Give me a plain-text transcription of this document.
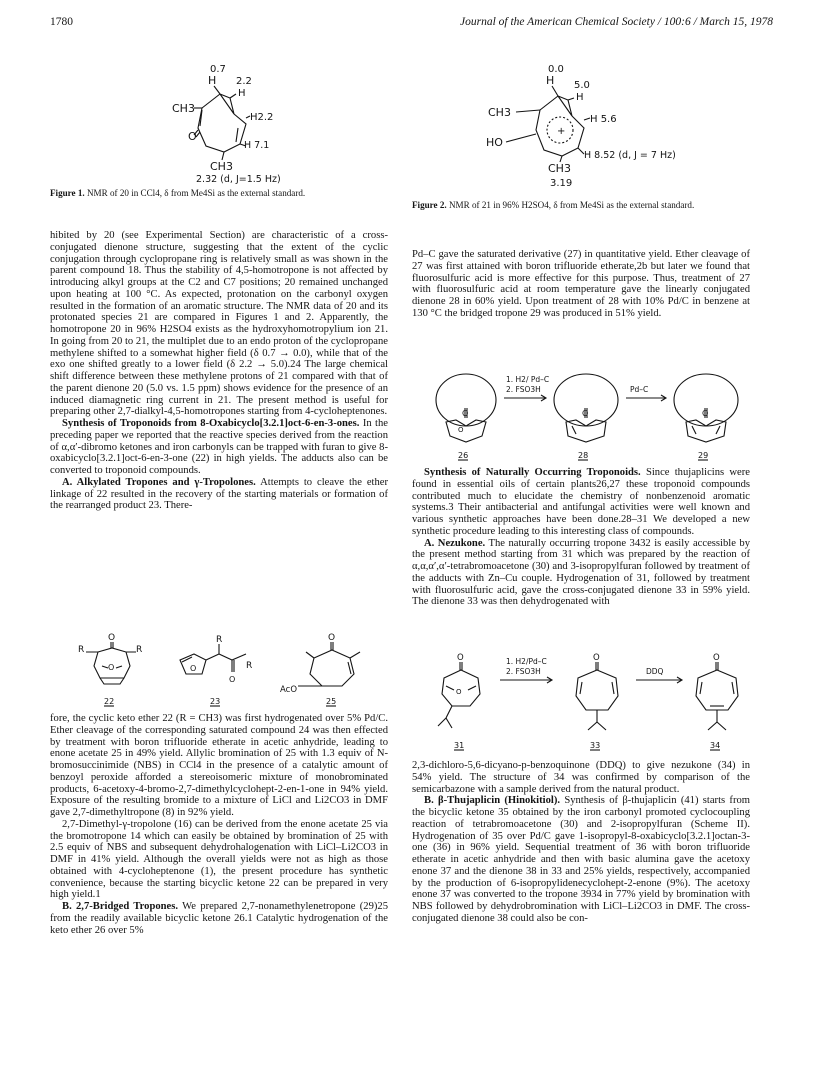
1780	Journal of the American Chemical Society / 100:6 / March 15, 1978
0.7
H 2.2
H
CH3
H2.2
O
H 7.1
CH3
2.32 (d, J=1.5 Hz)
Figure 1. NMR of 20 in CCl4, δ from Me4Si as the external standard.
0.0
H 5.0
H
+
CH3
H 5.6
HO
H 8.52 (d, J = 7 Hz)
CH3
3.19
Figure 2. NMR of 21 in 96% H2SO4, δ from Me4Si as the external standard.

hibited by 20 (see Experimental Section) are characteristic of a cross-conjugated dienone structure, suggesting that the extent of the cyclic conjugation through cyclopropane ring is relatively small as was shown in the parent compound 18. Thus the stability of 4,5-homotropone is not affected by introducing alkyl groups at the C2 and C7 positions; 20 remained unchanged upon heating at 100 °C. As expected, protonation on the carbonyl oxygen resulted in the formation of an aromatic structure. The NMR data of 20 and its protonated species 21 are compared in Figures 1 and 2. Apparently, the homotropone 20 in 96% H2SO4 exists as the hydroxyhomotropylium ion 21. In going from 20 to 21, the multiplet due to an endo proton of the cyclopropane methylene shifted to a somewhat higher field (δ 0.7 → 0.0), while that of the exo one shifted greatly to a lower field (δ 2.2 → 5.0).24 The large chemical shift difference between these methylene protons of 21 compared with that of the parent dienone 20 (5.0 vs. 1.5 ppm) shows evidence for the presence of an induced diamagnetic ring current in 21. The present method is useful for preparing other 2,7-dialkyl-4,5-homotropones starting from 4-cycloheptenones.

Synthesis of Troponoids from 8-Oxabicyclo[3.2.1]oct-6-en-3-ones. In the preceding paper we reported that the reactive species derived from the reaction of α,α′-dibromo ketones and iron carbonyls can be trapped with furan to give 8-oxabicyclo[3.2.1]oct-6-en-3-one (22) in high yields. The adducts also can be converted to troponoid compounds.

A. Alkylated Tropones and γ-Tropolones. Attempts to cleave the ether linkage of 22 resulted in the recovery of the starting materials or formation of the rearranged product 23. There-

O
R	R
O
22
R
O	R
O
23
O
AcO
25

fore, the cyclic keto ether 22 (R = CH3) was first hydrogenated over 5% Pd/C. Ether cleavage of the corresponding saturated compound 24 was then effected by treatment with boron trifluoride etherate in acetic anhydride, leading to enone acetate 25 in 49% yield. Allylic bromination of 25 with 1.3 equiv of N-bromosuccinimide (NBS) in CCl4 in the presence of a catalytic amount of benzoyl peroxide afforded a stereoisomeric mixture of monobrominated products, 6-acetoxy-4-bromo-2,7-dimethylcyclohept-2-en-1-one in 94% yield. Exposure of the resulting bromide to a mixture of LiCl and Li2CO3 in DMF gave 2,7-dimethyltropone (8) in 92% yield.

2,7-Dimethyl-γ-tropolone (16) can be derived from the enone acetate 25 via the bromotropone 14 which can easily be obtained by bromination of 25 with 2.5 equiv of NBS and subsequent dehydrohalogenation with LiCl–Li2CO3 in DMF in 41% yield. Although the overall yields were not as high as those obtained with 4-cycloheptenone (1), the present procedure has synthetic convenience, because the starting bicyclic ketone 22 can be prepared in very high yield.1

B. 2,7-Bridged Tropones. We prepared 2,7-nonamethylenetropone (29)25 from the readily available bicyclic ketone 26.1 Catalytic hydrogenation of the keto ether 26 over 5%

Pd–C gave the saturated derivative (27) in quantitative yield. Ether cleavage of 27 was first attained with boron trifluoride etherate,2b but later we found that fluorosulfuric acid is more effective for this purpose. Thus, treatment of 27 with fluorosulfuric acid at room temperature gave the linearly conjugated dienone 28 in 60% yield. Upon treatment of 28 with 10% Pd/C in benzene at 130 °C the bridged tropone 29 was produced in 51% yield.

O
O
26
1. H2/ Pd–C
2. FSO3H
O
28
Pd–C
O
29

Synthesis of Naturally Occurring Troponoids. Since thujaplicins were found in essential oils of certain plants26,27 these troponoid compounds contributed much to elucidate the chemistry of nonbenzenoid aromatic systems.3 Their antibacterial and antifungal activities were well known and various synthetic approaches have been done.28–31 We developed a new synthetic procedure leading to this interesting class of compounds.

A. Nezukone. The naturally occurring tropone 3432 is easily accessible by the present method starting from 31 which was prepared by the reaction of α,α,α′,α′-tetrabromoacetone (30) and 3-isopropylfuran followed by treatment of the adducts with Zn–Cu couple. Hydrogenation of 31, followed by treatment with fluorosulfuric acid, gave the cross-conjugated dienone 33 in 59% yield. The dienone 33 was then dehydrogenated with

O
O
31
1. H2/Pd–C
2. FSO3H
O
33
DDQ
O
34

2,3-dichloro-5,6-dicyano-p-benzoquinone (DDQ) to give nezukone (34) in 54% yield. The structure of 34 was confirmed by comparison of the semicarbazone with a sample derived from the natural product.

B. β-Thujaplicin (Hinokitiol). Synthesis of β-thujaplicin (41) starts from the bicyclic ketone 35 obtained by the iron carbonyl promoted cyclocoupling reaction of tetrabromoacetone (30) and 2-isopropylfuran (Scheme II). Hydrogenation of 35 over Pd/C gave 1-isopropyl-8-oxabicyclo[3.2.1]octan-3-one (36) in 96% yield. Sequential treatment of 36 with boron trifluoride etherate in acetic anhydride and then with basic alumina gave the acetoxy enone 37 and the dienone 38 in 33 and 25% yields, respectively, accompanied by the production of 6-isopropylidenecyclohept-2-enone (9%). The acetoxy enone 37 was converted to the tropone 3934 in 77% yield by bromination with NBS followed by dehydrobromination with LiCl–Li2CO3 in DMF. The cross-conjugated dienone 38 could also be con-
